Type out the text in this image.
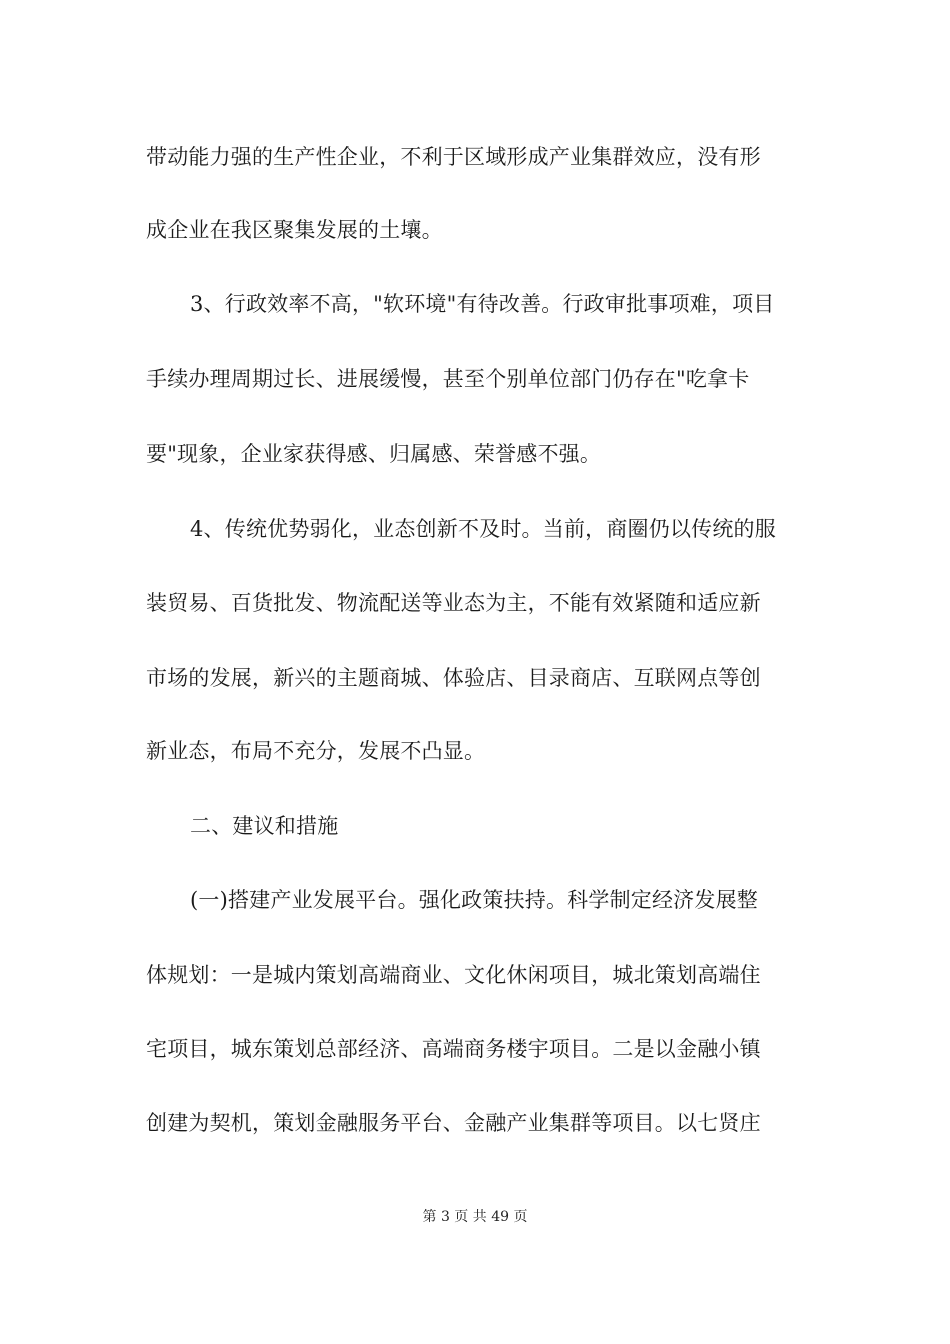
带动能力强的生产性企业，不利于区域形成产业集群效应，没有形
成企业在我区聚集发展的土壤。
3、行政效率不高，"软环境"有待改善。行政审批事项难，项目
手续办理周期过长、进展缓慢，甚至个别单位部门仍存在"吃拿卡
要"现象，企业家获得感、归属感、荣誉感不强。
4、传统优势弱化，业态创新不及时。当前，商圈仍以传统的服
装贸易、百货批发、物流配送等业态为主，不能有效紧随和适应新
市场的发展，新兴的主题商城、体验店、目录商店、互联网点等创
新业态，布局不充分，发展不凸显。
二、建议和措施
(一)搭建产业发展平台。强化政策扶持。科学制定经济发展整
体规划：一是城内策划高端商业、文化休闲项目，城北策划高端住
宅项目，城东策划总部经济、高端商务楼宇项目。二是以金融小镇
创建为契机，策划金融服务平台、金融产业集群等项目。以七贤庄
第 3 页 共 49 页
